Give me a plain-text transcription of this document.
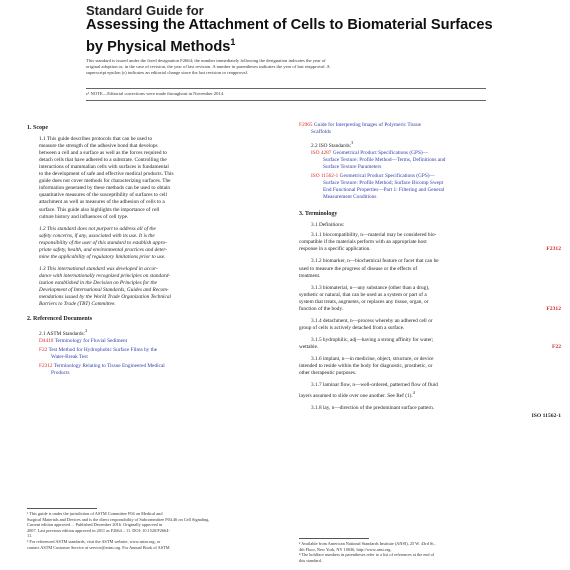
Standard Guide for
Assessing the Attachment of Cells to Biomaterial Surfaces
by Physical Methods$^1$
This standard is issued under the fixed designation F2664; the number immediately following the designation indicates the year of
original adoption or, in the case of revision, the year of last revision. A number in parentheses indicates the year of last reapproval. A
superscript epsilon (ε) indicates an editorial change since the last revision or reapproval.
ε¹ NOTE—Editorial corrections were made throughout in November 2014.
1. Scope
1.1 This guide describes protocols that can be used to
measure the strength of the adhesive bond that develops
between a cell and a surface as well as the forces required to
detach cells that have adhered to a substrate. Controlling the
interactions of mammalian cells with surfaces is fundamental
to the development of safe and effective medical products. This
guide does not cover methods for characterizing surfaces. The
information generated by these methods can be used to obtain
quantitative measures of the susceptibility of surfaces to cell
attachment as well as measures of the adhesion of cells to a
surface. This guide also highlights the importance of cell
culture history and influences of cell type.
1.2 This standard does not purport to address all of the
safety concerns, if any, associated with its use. It is the
responsibility of the user of this standard to establish appro-
priate safety, health, and environmental practices and deter-
mine the applicability of regulatory limitations prior to use.
1.3 This international standard was developed in accor-
dance with internationally recognized principles on standard-
ization established in the Decision on Principles for the
Development of International Standards, Guides and Recom-
mendations issued by the World Trade Organization Technical
Barriers to Trade (TBT) Committee.
2. Referenced Documents
2.1 ASTM Standards:$^2$
D4410 Terminology for Fluvial Sediment
F22 Test Method for Hydrophobic Surface Films by the
Water-Break Test
F2312 Terminology Relating to Tissue Engineered Medical
Products
F2965 Guide for Interpreting Images of Polymeric Tissue
Scaffolds
2.2 ISO Standards:$^3$
ISO 4287 Geometrical Product Specifications (GPS)—
Surface Texture: Profile Method—Terms, Definitions and
Surface Texture Parameters
ISO 11562-1 Geometrical Product Specifications (GPS)—
Surface Texture: Profile Method; Surface Bicomp Swept
End Functional Properties—Part 1: Filtering and General
Measurement Conditions
3. Terminology
3.1 Definitions:
3.1.1 biocompatibility, n—material may be considered bio-
compatible if the materials perform with an appropriate host
response in a specific application.	F2312
3.1.2 biomarker, n—biochemical feature or facet that can be
used to measure the progress of disease or the effects of
treatment.
3.1.3 biomaterial, n—any substance (other than a drug),
synthetic or natural, that can be used as a system or part of a
system that treats, augments, or replaces any tissue, organ, or
function of the body.	F2312
3.1.4 detachment, n—process whereby an adhered cell or
group of cells is actively detached from a surface.
3.1.5 hydrophilic, adj—having a strong affinity for water;
wettable.	F22
3.1.6 implant, n—in medicine, object, structure, or device
intended to reside within the body for diagnostic, prosthetic, or
other therapeutic purposes.
3.1.7 laminar flow, n—well-ordered, patterned flow of fluid
layers assumed to slide over one another. See Ref (1).$^4$
3.1.8 lay, n—direction of the predominant surface pattern.
ISO 11562-1
¹ This guide is under the jurisdiction of ASTM Committee F04 on Medical and
Surgical Materials and Devices and is the direct responsibility of Subcommittee F04.46 on Cell Signaling.
Current edition approved ... Published December 2016. Originally approved in
2007. Last previous edition approved in 2011 as F2664 – 11. DOI: 10.1520/F2664-
11.
² For referenced ASTM standards, visit the ASTM website, www.astm.org, or
contact ASTM Customer Service at service@astm.org. For Annual Book of ASTM
³ Available from American National Standards Institute (ANSI), 25 W. 43rd St.,
4th Floor, New York, NY 10036, http://www.ansi.org.
⁴ The boldface numbers in parentheses refer to a list of references at the end of
this standard.
